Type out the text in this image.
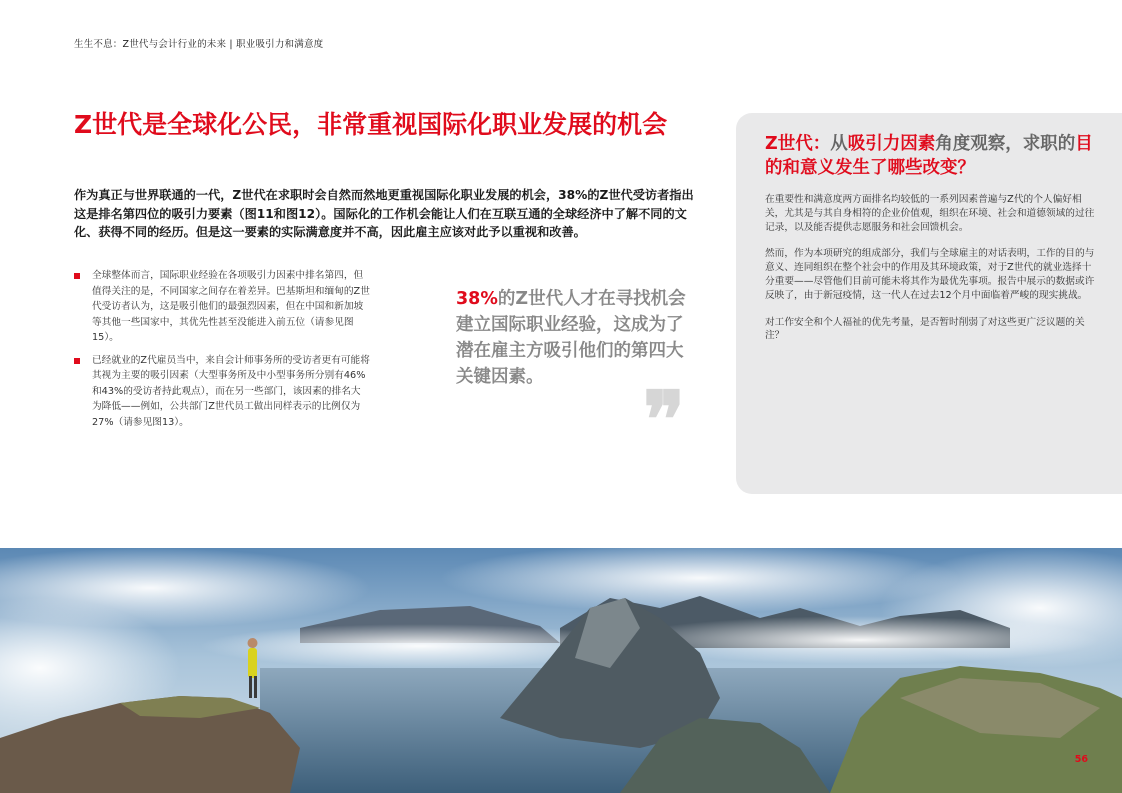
生生不息：Z世代与会计行业的未来 | 职业吸引力和满意度
Z世代是全球化公民，非常重视国际化职业发展的机会

作为真正与世界联通的一代，Z世代在求职时会自然而然地更重视国际化职业发展的机会，38%的Z世代受访者指出这是排名第四位的吸引力要素（图11和图12）。国际化的工作机会能让人们在互联互通的全球经济中了解不同的文化、获得不同的经历。但是这一要素的实际满意度并不高，因此雇主应该对此予以重视和改善。

全球整体而言，国际职业经验在各项吸引力因素中排名第四，但值得关注的是，不同国家之间存在着差异。巴基斯坦和缅甸的Z世代受访者认为，这是吸引他们的最强烈因素，但在中国和新加坡等其他一些国家中，其优先性甚至没能进入前五位（请参见图15）。
已经就业的Z代雇员当中，来自会计师事务所的受访者更有可能将其视为主要的吸引因素（大型事务所及中小型事务所分别有46%和43%的受访者持此观点），而在另一些部门，该因素的排名大为降低——例如，公共部门Z世代员工做出同样表示的比例仅为27%（请参见图13）。
38%的Z世代人才在寻找机会建立国际职业经验，这成为了潜在雇主方吸引他们的第四大关键因素。	❞
Z世代：从吸引力因素角度观察，求职的目的和意义发生了哪些改变？

在重要性和满意度两方面排名均较低的一系列因素普遍与Z代的个人偏好相关，尤其是与其自身相符的企业价值观，组织在环境、社会和道德领域的过往记录，以及能否提供志愿服务和社会回馈机会。

然而，作为本项研究的组成部分，我们与全球雇主的对话表明，工作的目的与意义、连同组织在整个社会中的作用及其环境政策，对于Z世代的就业选择十分重要——尽管他们目前可能未将其作为最优先事项。报告中展示的数据或许反映了，由于新冠疫情，这一代人在过去12个月中面临着严峻的现实挑战。

对工作安全和个人福祉的优先考量，是否暂时削弱了对这些更广泛议题的关注？

56
